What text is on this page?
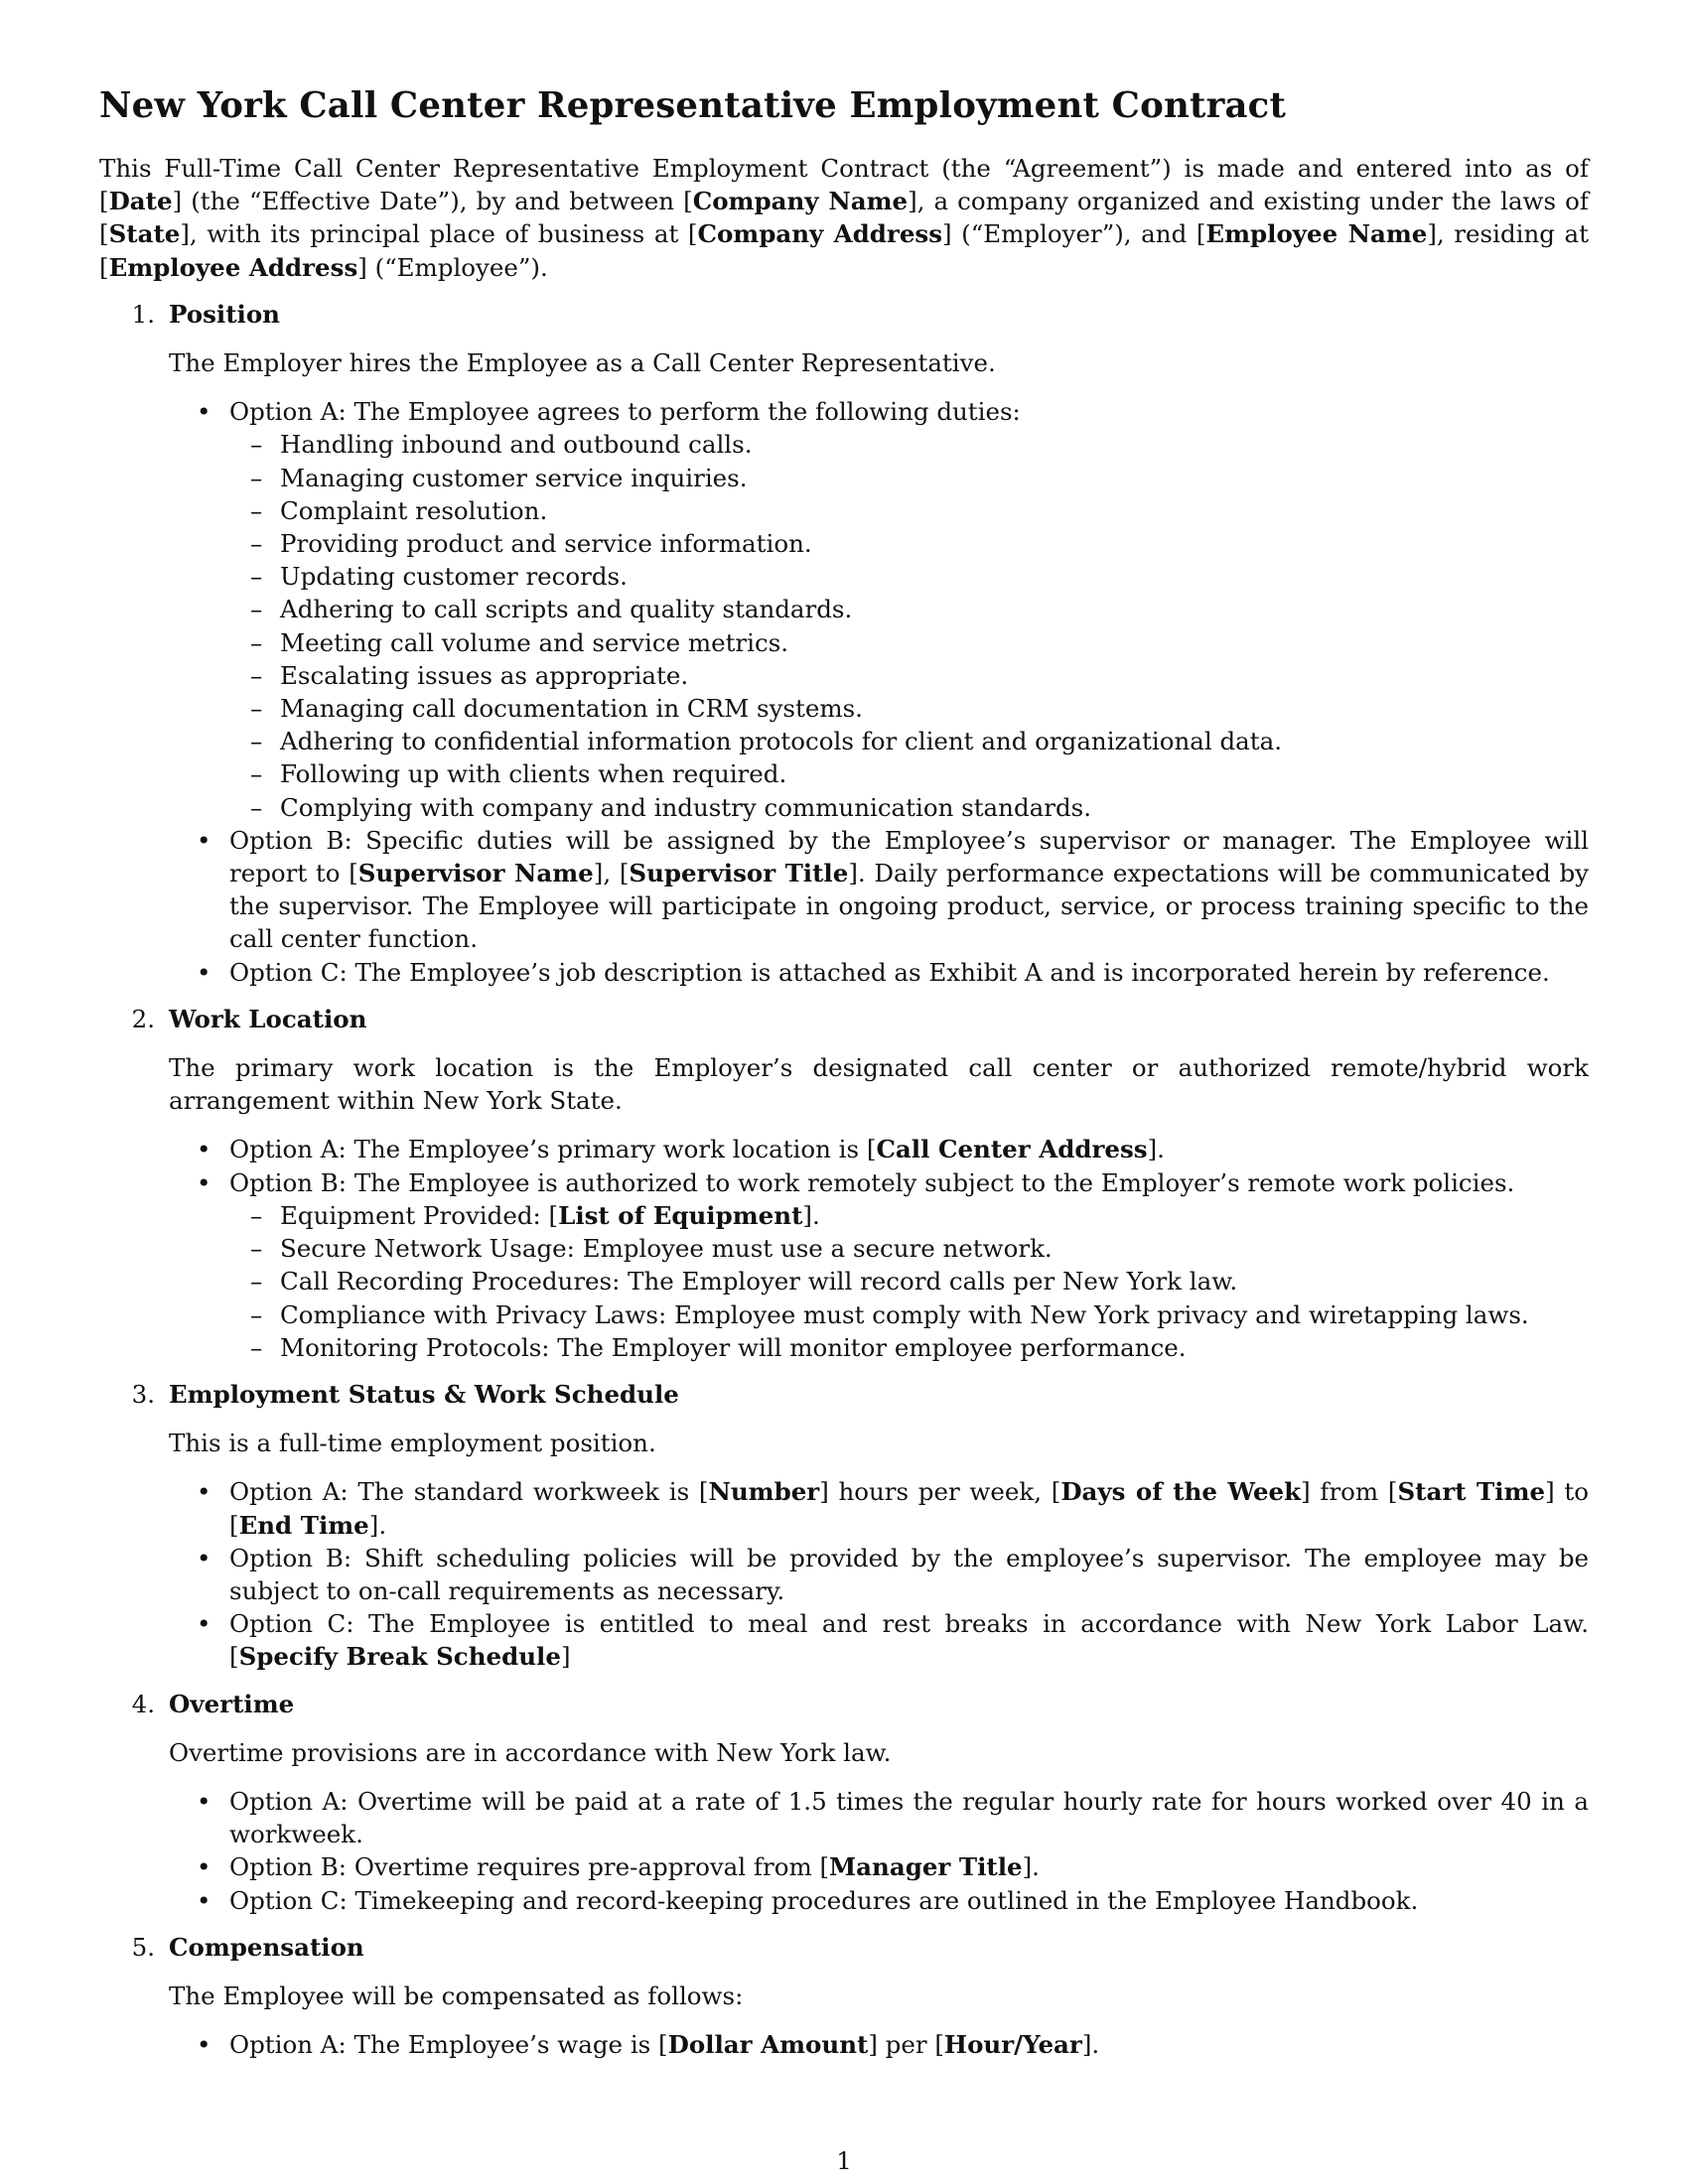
New York Call Center Representative Employment Contract

This Full-Time Call Center Representative Employment Contract (the “Agreement”) is made and entered into as of [Date] (the “Effective Date”), by and between [Company Name], a company organized and existing under the laws of [State], with its principal place of business at [Company Address] (“Employer”), and [Employee Name], residing at [Employee Address] (“Employee”).

1. Position

The Employer hires the Employee as a Call Center Representative.

• Option A: The Employee agrees to perform the following duties:
– Handling inbound and outbound calls.
– Managing customer service inquiries.
– Complaint resolution.
– Providing product and service information.
– Updating customer records.
– Adhering to call scripts and quality standards.
– Meeting call volume and service metrics.
– Escalating issues as appropriate.
– Managing call documentation in CRM systems.
– Adhering to confidential information protocols for client and organizational data.
– Following up with clients when required.
– Complying with company and industry communication standards.
• Option B: Specific duties will be assigned by the Employee’s supervisor or manager. The Employee will report to [Supervisor Name], [Supervisor Title]. Daily performance expectations will be communicated by the supervisor. The Employee will participate in ongoing product, service, or process training specific to the call center function.
• Option C: The Employee’s job description is attached as Exhibit A and is incorporated herein by reference.
2. Work Location

The primary work location is the Employer’s designated call center or authorized remote/hybrid work arrangement within New York State.

• Option A: The Employee’s primary work location is [Call Center Address].
• Option B: The Employee is authorized to work remotely subject to the Employer’s remote work policies.
– Equipment Provided: [List of Equipment].
– Secure Network Usage: Employee must use a secure network.
– Call Recording Procedures: The Employer will record calls per New York law.
– Compliance with Privacy Laws: Employee must comply with New York privacy and wiretapping laws.
– Monitoring Protocols: The Employer will monitor employee performance.
3. Employment Status & Work Schedule

This is a full-time employment position.

• Option A: The standard workweek is [Number] hours per week, [Days of the Week] from [Start Time] to [End Time].
• Option B: Shift scheduling policies will be provided by the employee’s supervisor. The employee may be subject to on-call requirements as necessary.
• Option C: The Employee is entitled to meal and rest breaks in accordance with New York Labor Law. [Specify Break Schedule]
4. Overtime

Overtime provisions are in accordance with New York law.

• Option A: Overtime will be paid at a rate of 1.5 times the regular hourly rate for hours worked over 40 in a workweek.
• Option B: Overtime requires pre-approval from [Manager Title].
• Option C: Timekeeping and record-keeping procedures are outlined in the Employee Handbook.
5. Compensation

The Employee will be compensated as follows:

• Option A: The Employee’s wage is [Dollar Amount] per [Hour/Year].
1
